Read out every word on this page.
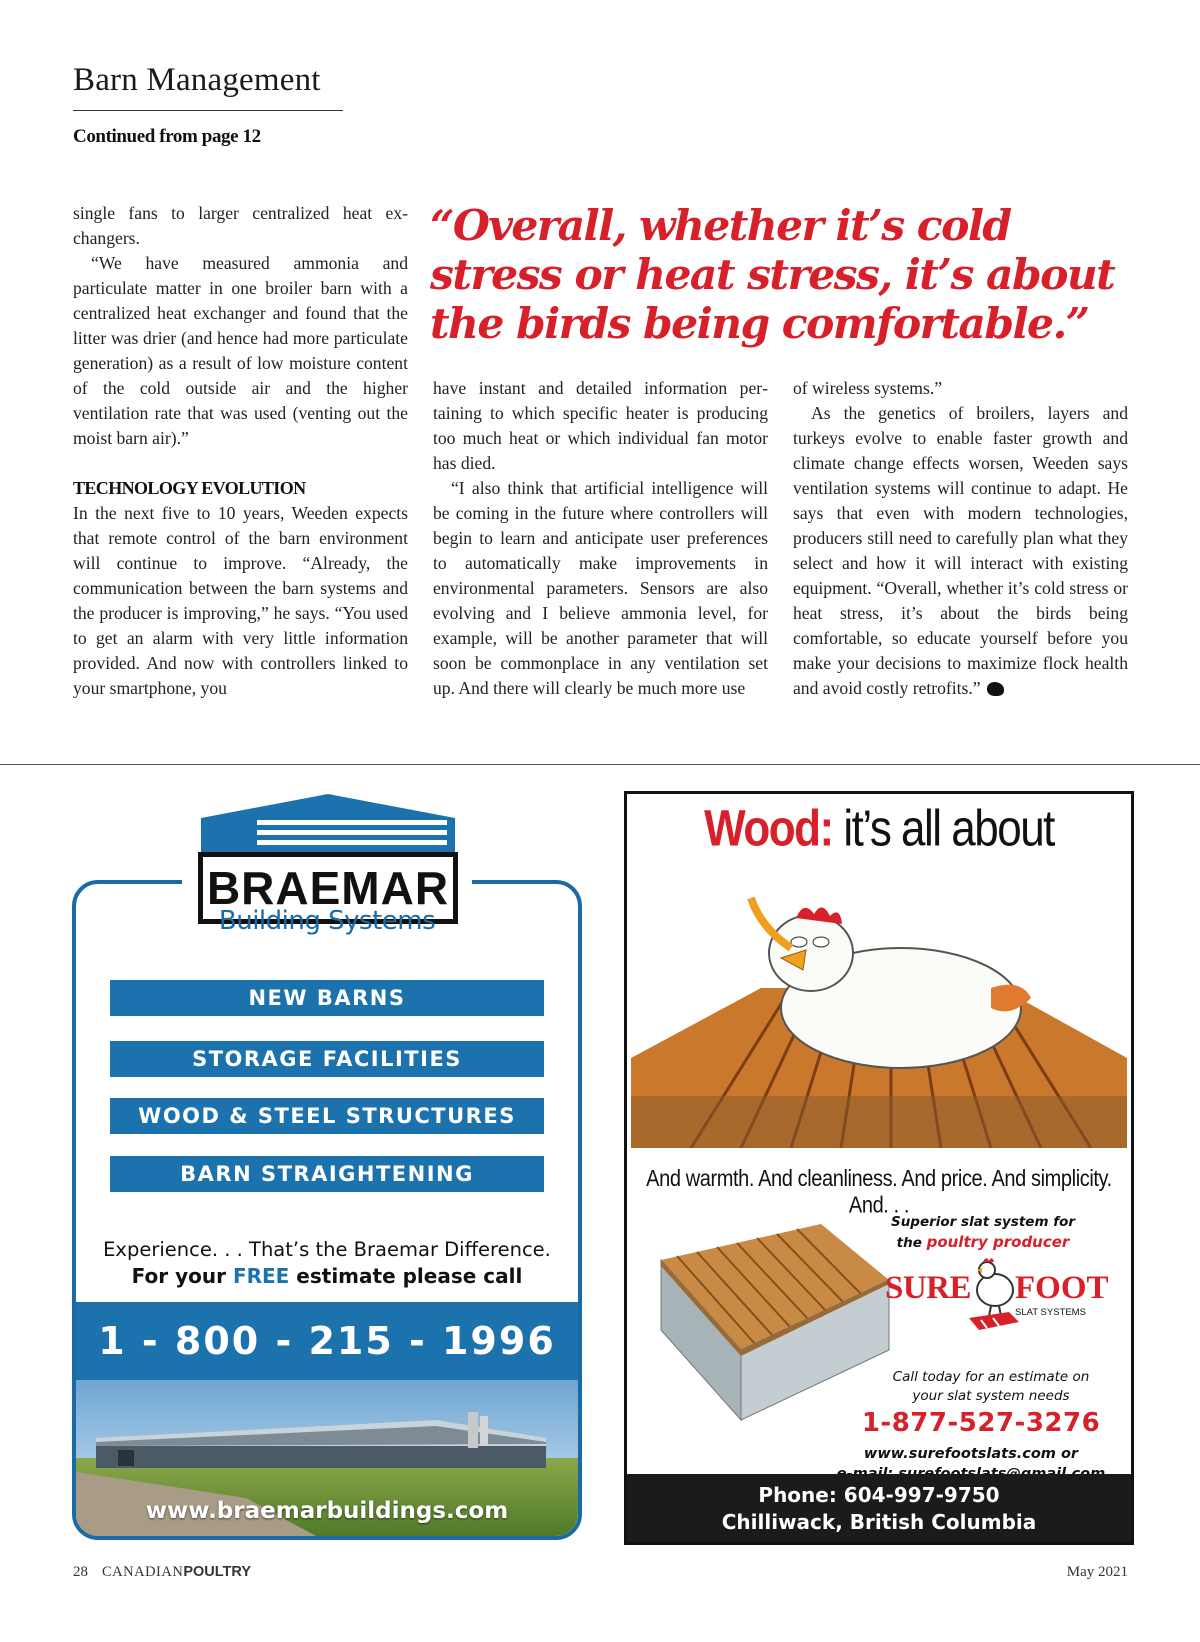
Barn Management
Continued from page 12

single fans to larger centralized heat exchangers.

“We have measured ammonia and particulate matter in one broiler barn with a centralized heat exchanger and found that the litter was drier (and hence had more particulate generation) as a result of low moisture content of the cold outside air and the higher ventilation rate that was used (venting out the moist barn air).”

TECHNOLOGY EVOLUTION

In the next five to 10 years, Weeden expects that remote control of the barn environment will continue to improve. “Already, the communication between the barn systems and the producer is improving,” he says. “You used to get an alarm with very little information provided. And now with controllers linked to your smartphone, you

“Overall, whether it’s cold stress or heat stress, it’s about the birds being comfortable.”

have instant and detailed information pertaining to which specific heater is producing too much heat or which individual fan motor has died.

“I also think that artificial intelligence will be coming in the future where controllers will begin to learn and anticipate user preferences to automatically make improvements in environmental parameters. Sensors are also evolving and I believe ammonia level, for example, will be another parameter that will soon be commonplace in any ventilation set up. And there will clearly be much more use

of wireless systems.”

As the genetics of broilers, layers and turkeys evolve to enable faster growth and climate change effects worsen, Weeden says ventilation systems will continue to adapt. He says that even with modern technologies, producers still need to carefully plan what they select and how it will interact with existing equipment. “Overall, whether it’s cold stress or heat stress, it’s about the birds being comfortable, so educate yourself before you make your decisions to maximize flock health and avoid costly retrofits.”

BRAEMAR
Building Systems
NEW BARNS
STORAGE FACILITIES
WOOD & STEEL STRUCTURES
BARN STRAIGHTENING
Experience. . . That’s the Braemar Difference.
For your FREE estimate please call
1 - 800 - 215 - 1996
www.braemarbuildings.com
Wood: it’s all about
And warmth. And cleanliness. And price. And simplicity. And. . .
Superior slat system for
the poultry producer
SURE FOOT
SLAT SYSTEMS
Call today for an estimate on
your slat system needs
1-877-527-3276
www.surefootslats.com or
Phone: 604-997-9750
Chilliwack, British Columbia
28 CANADIANPOULTRY	May 2021
